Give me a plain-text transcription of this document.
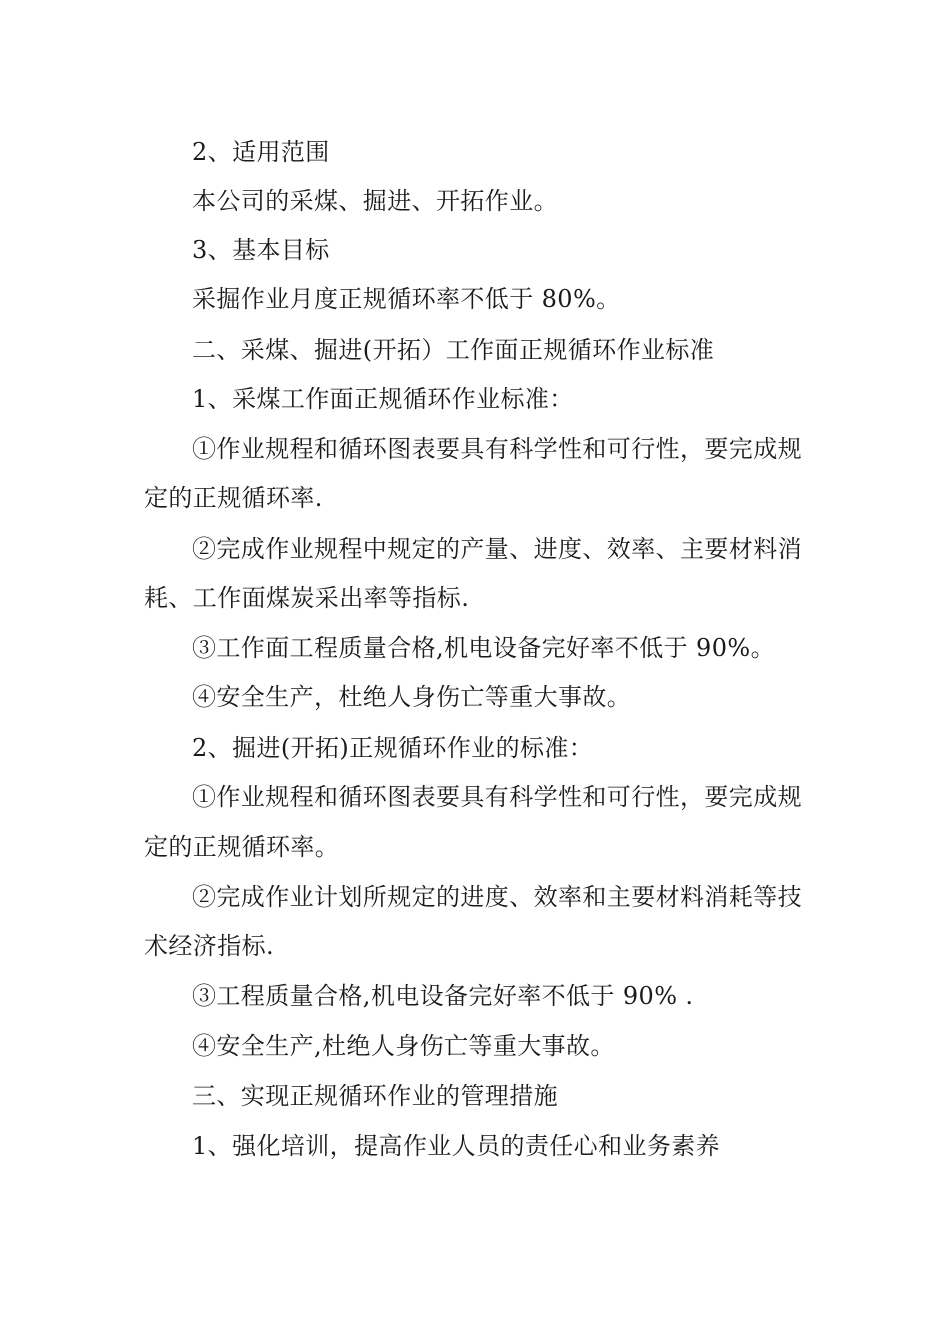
2、适用范围
本公司的采煤、掘进、开拓作业。
3、基本目标
采掘作业月度正规循环率不低于 80%。
二、采煤、掘进(开拓）工作面正规循环作业标准
1、采煤工作面正规循环作业标准：
①作业规程和循环图表要具有科学性和可行性，要完成规
定的正规循环率.
②完成作业规程中规定的产量、进度、效率、主要材料消
耗、工作面煤炭采出率等指标.
③工作面工程质量合格,机电设备完好率不低于 90%。
④安全生产，杜绝人身伤亡等重大事故。
2、掘进(开拓)正规循环作业的标准：
①作业规程和循环图表要具有科学性和可行性，要完成规
定的正规循环率。
②完成作业计划所规定的进度、效率和主要材料消耗等技
术经济指标.
③工程质量合格,机电设备完好率不低于 90% .
④安全生产,杜绝人身伤亡等重大事故。
三、实现正规循环作业的管理措施
1、强化培训，提高作业人员的责任心和业务素养
